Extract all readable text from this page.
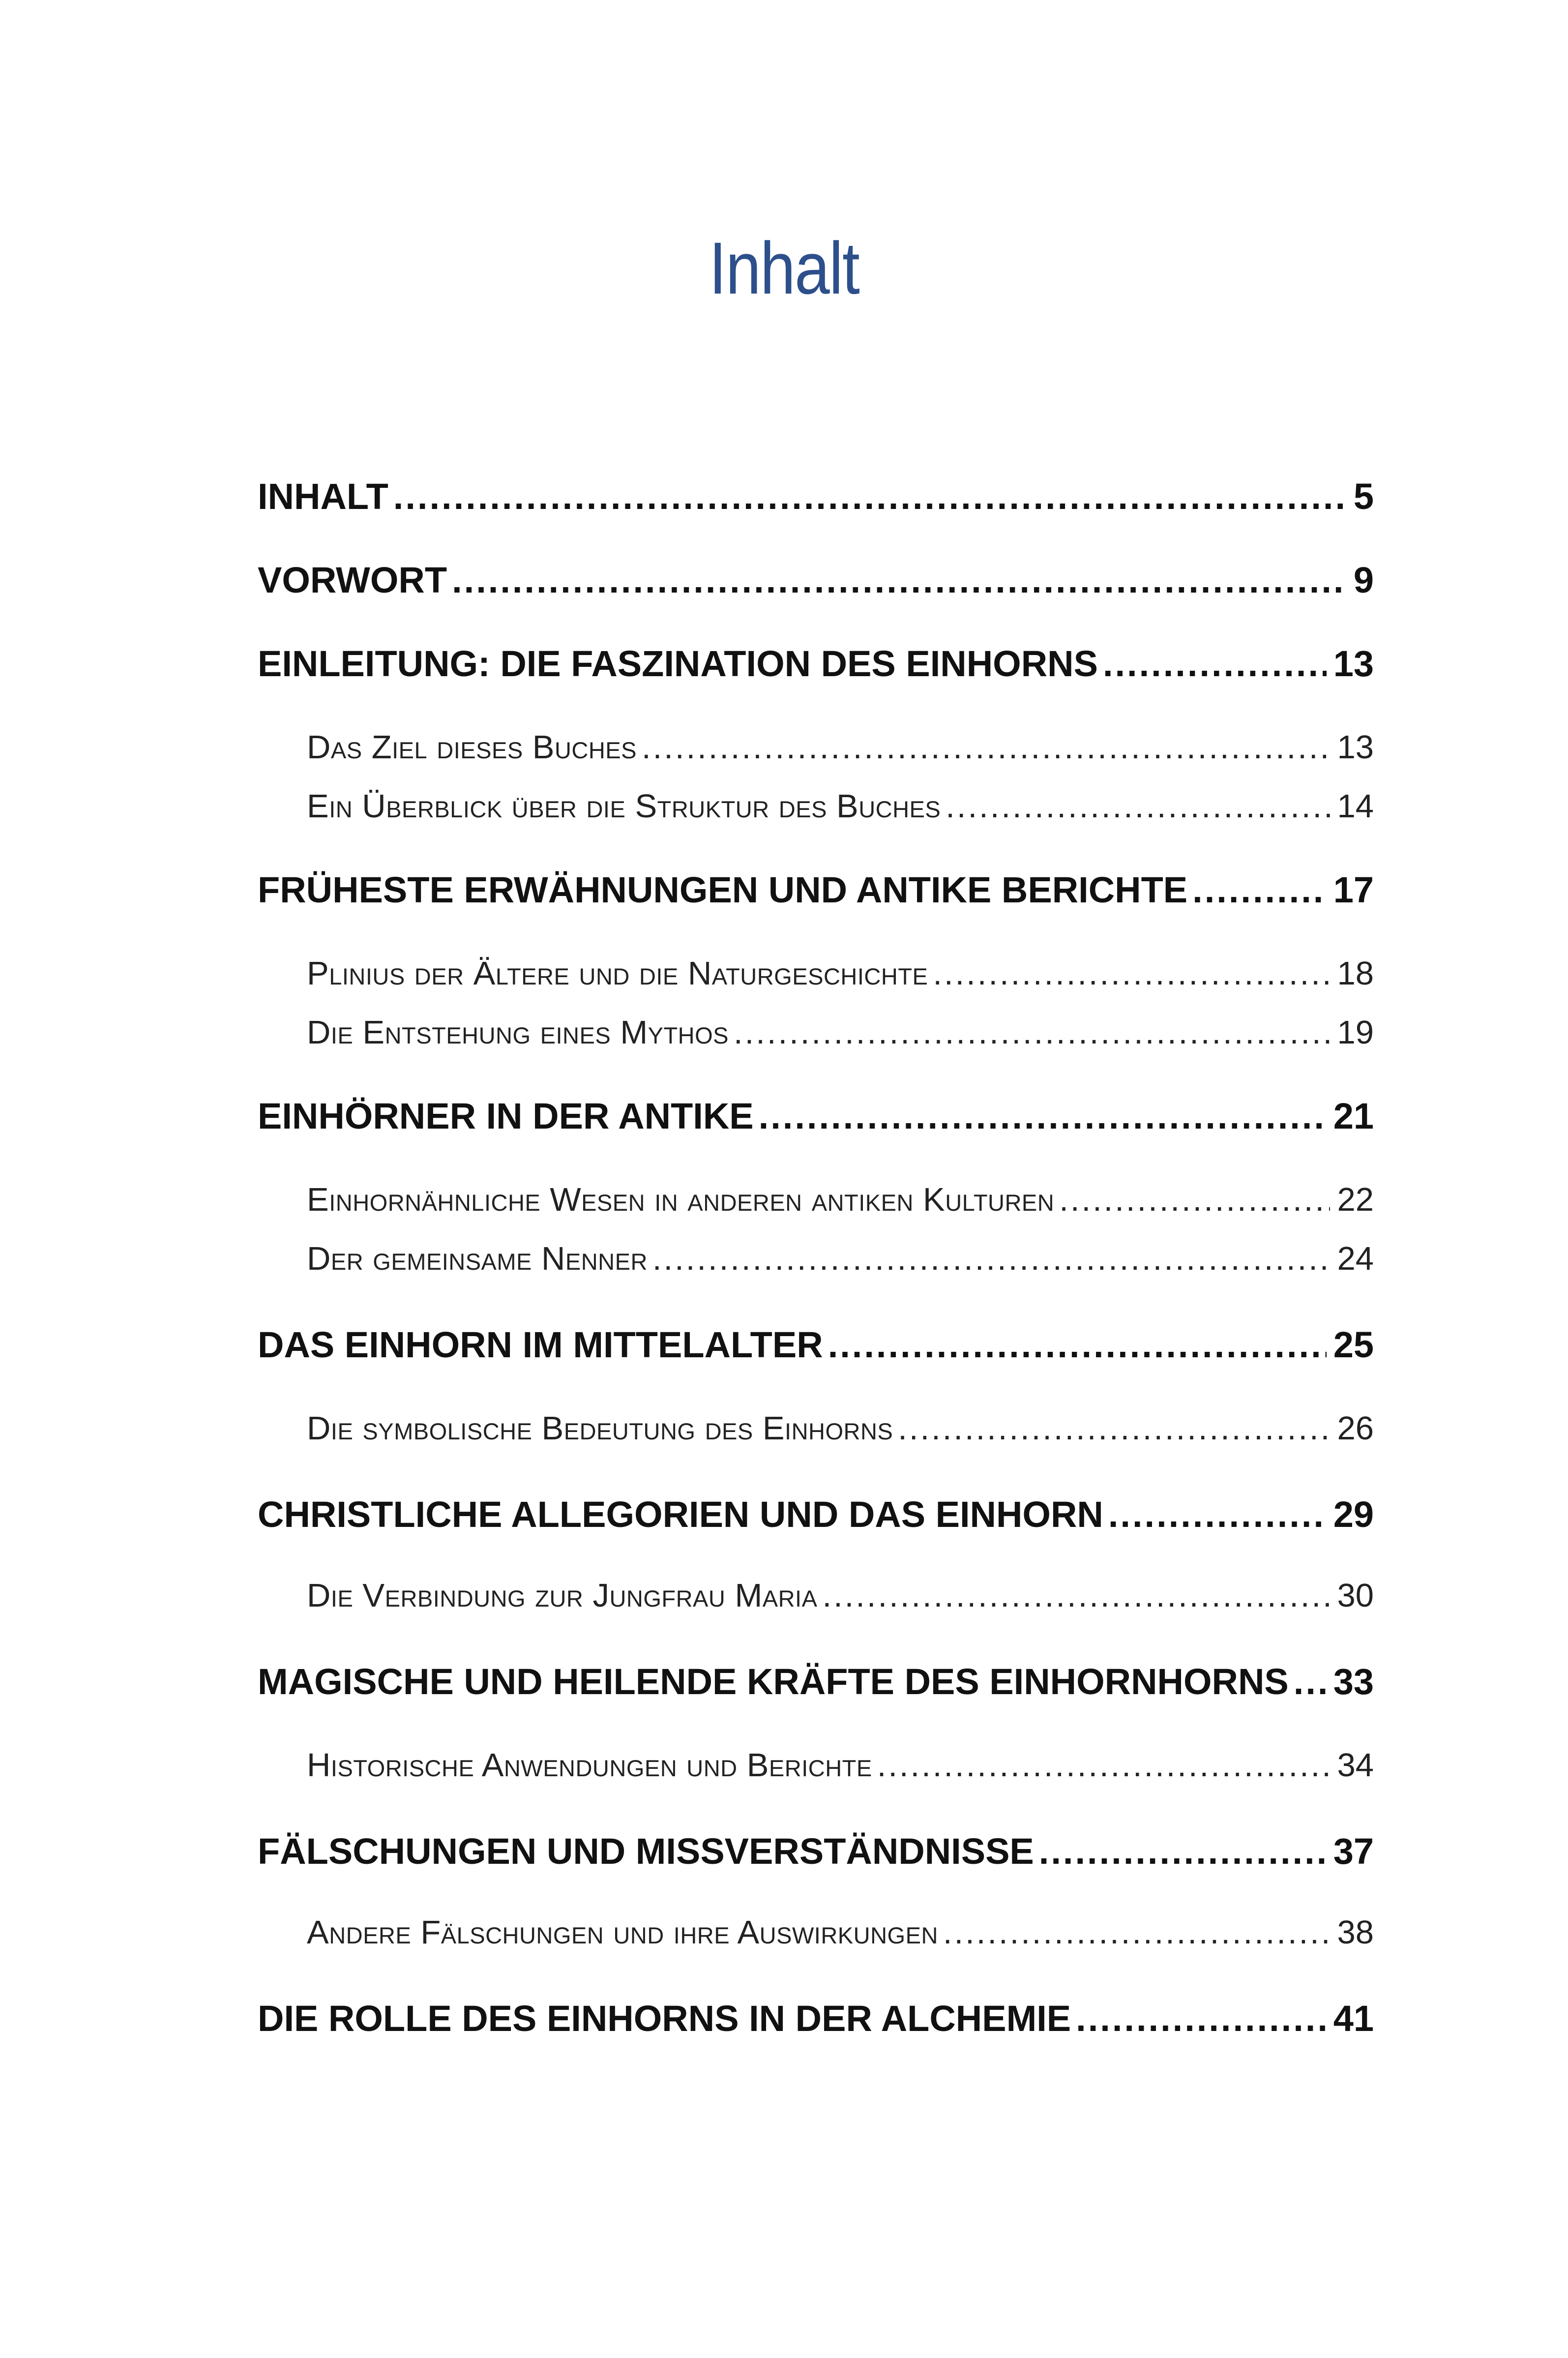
Inhalt
INHALT .....	5
VORWORT .....	9
EINLEITUNG: DIE FASZINATION DES EINHORNS .....	13
Das Ziel dieses Buches .....	13
Ein Überblick über die Struktur des Buches .....	14
FRÜHESTE ERWÄHNUNGEN UND ANTIKE BERICHTE .....	17
Plinius der Ältere und die Naturgeschichte .....	18
Die Entstehung eines Mythos .....	19
EINHÖRNER IN DER ANTIKE .....	21
Einhornähnliche Wesen in anderen antiken Kulturen .....	22
Der gemeinsame Nenner .....	24
DAS EINHORN IM MITTELALTER .....	25
Die symbolische Bedeutung des Einhorns .....	26
CHRISTLICHE ALLEGORIEN UND DAS EINHORN .....	29
Die Verbindung zur Jungfrau Maria .....	30
MAGISCHE UND HEILENDE KRÄFTE DES EINHORNHORNS ..... 33
Historische Anwendungen und Berichte .....	34
FÄLSCHUNGEN UND MISSVERSTÄNDNISSE .....	37
Andere Fälschungen und ihre Auswirkungen .....	38
DIE ROLLE DES EINHORNS IN DER ALCHEMIE .....	41
